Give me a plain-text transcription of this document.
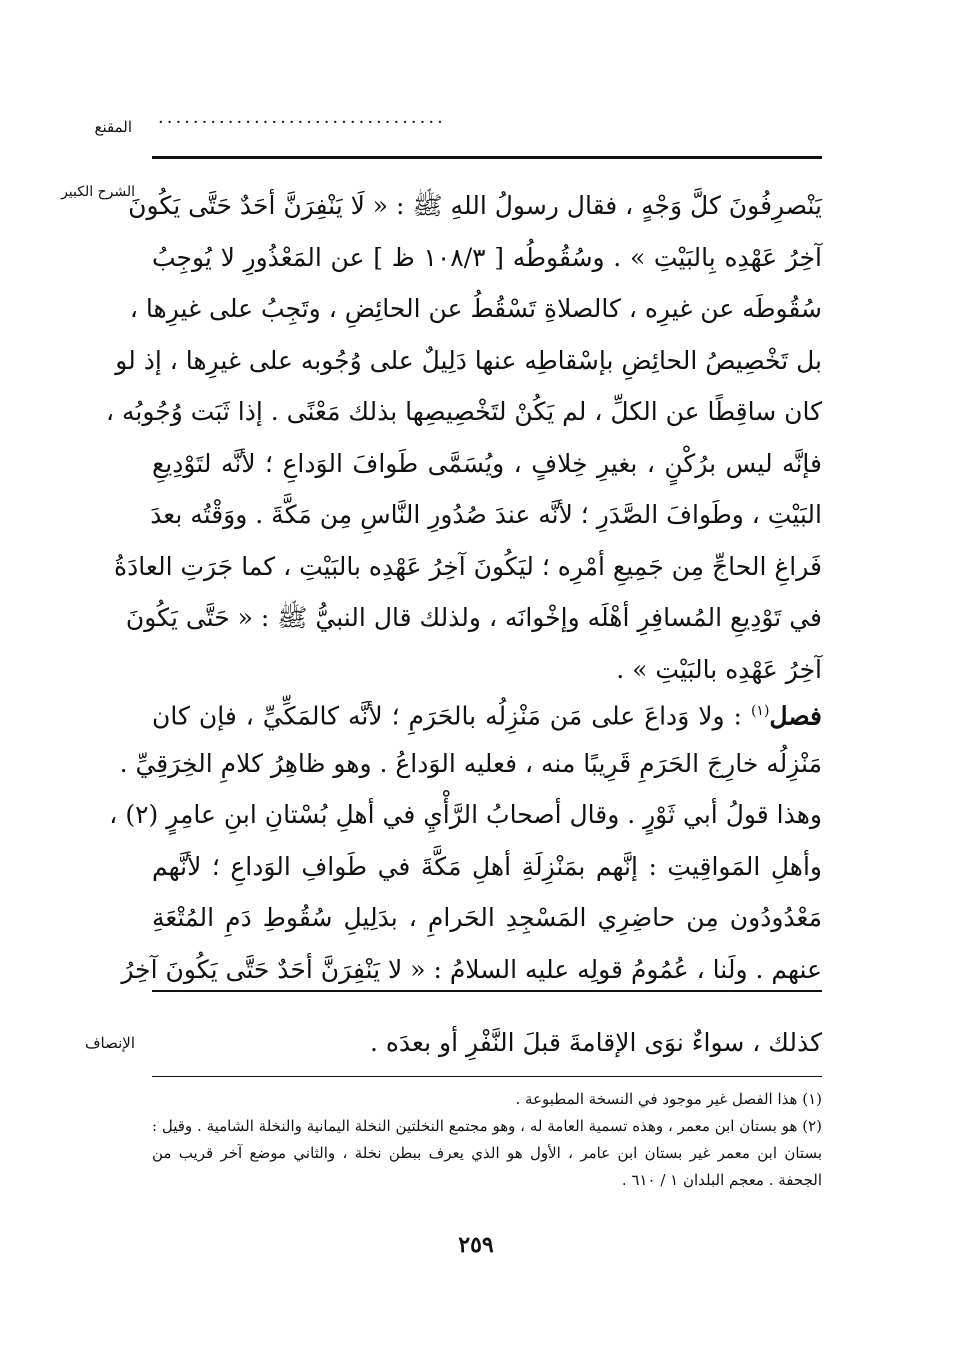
المقنع ·································
الشرح الكبير
يَنْصرِفُونَ كلَّ وَجْهٍ ، فقال رسولُ اللهِ ﷺ : « لَا يَنْفِرَنَّ أحَدٌ حَتَّى يَكُونَ
آخِرُ عَهْدِه بِالبَيْتِ » . وسُقُوطُه [ ١٠٨/٣ ظ ] عن المَعْذُورِ لا يُوجِبُ
سُقُوطَه عن غيرِه ، كالصلاةِ تَسْقُطُ عن الحائِضِ ، وتَجِبُ على غيرِها ،
بل تَخْصِيصُ الحائِضِ بإسْقاطِه عنها دَلِيلٌ على وُجُوبه على غيرِها ، إذ لو
كان ساقِطًا عن الكلِّ ، لم يَكُنْ لتَخْصِيصِها بذلك مَعْنًى . إذا ثَبَت وُجُوبُه ،
فإنَّه ليس برُكْنٍ ، بغيرِ خِلافٍ ، ويُسَمَّى طَوافَ الوَداعِ ؛ لأنَّه لتَوْدِيعِ
البَيْتِ ، وطَوافَ الصَّدَرِ ؛ لأنَّه عندَ صُدُورِ النَّاسِ مِن مَكَّةَ . ووَقْتُه بعدَ
فَراغِ الحاجِّ مِن جَمِيعِ أمْرِه ؛ ليَكُونَ آخِرُ عَهْدِه بالبَيْتِ ، كما جَرَتِ العادَةُ
في تَوْدِيعِ المُسافِرِ أهْلَه وإخْوانَه ، ولذلك قال النبيُّ ﷺ : « حَتَّى يَكُونَ
آخِرُ عَهْدِه بالبَيْتِ » .
فصل$^{(١)}$ : ولا وَداعَ على مَن مَنْزِلُه بالحَرَمِ ؛ لأنَّه كالمَكِّيِّ ، فإن كان
مَنْزِلُه خارِجَ الحَرَمِ قَرِيبًا منه ، فعليه الوَداعُ . وهو ظاهِرُ كلامِ الخِرَقِيِّ .
وهذا قولُ أبي ثَوْرٍ . وقال أصحابُ الرَّأْيِ في أهلِ بُسْتانِ ابنِ عامِرٍ (٢) ،
وأهلِ المَواقِيتِ : إنَّهم بمَنْزِلَةِ أهلِ مَكَّةَ في طَوافِ الوَداعِ ؛ لأنَّهم
مَعْدُودُون مِن حاضِرِي المَسْجِدِ الحَرامِ ، بدَلِيلِ سُقُوطِ دَمِ المُتْعَةِ
عنهم . ولَنا ، عُمُومُ قولِه عليه السلامُ : « لا يَنْفِرَنَّ أحَدٌ حَتَّى يَكُونَ آخِرُ
الإنصاف	كذلك ، سواءٌ نوَى الإقامةَ قبلَ النَّفْرِ أو بعدَه .
(١) هذا الفصل غير موجود في النسخة المطبوعة .
(٢) هو بستان ابن معمر ، وهذه تسمية العامة له ، وهو مجتمع النخلتين النخلة اليمانية والنخلة الشامية . وقيل :
بستان ابن معمر غير بستان ابن عامر ، الأول هو الذي يعرف ببطن نخلة ، والثاني موضع آخر قريب من
الجحفة . معجم البلدان ١ / ٦١٠ .
٢٥٩
